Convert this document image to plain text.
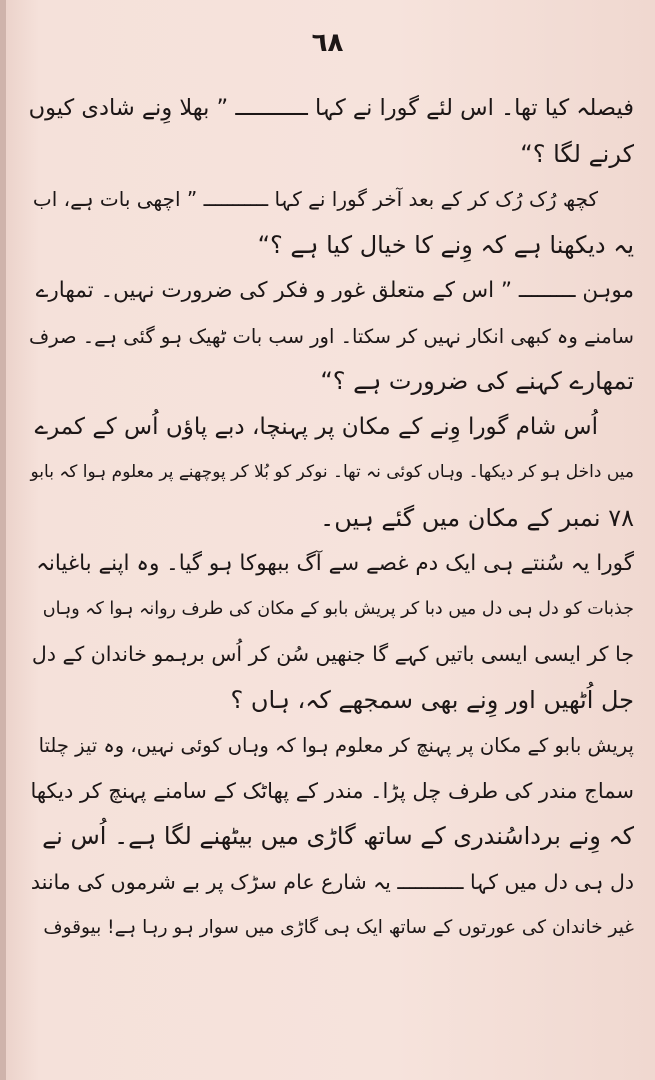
٦٨
فیصلہ کیا تھا۔ اس لئے گورا نے کہا ـــــــــــ ” بھلا وِنے شادی کیوں
کرنے لگا ؟“
کچھ رُک رُک کر کے بعد آخر گورا نے کہا ـــــــــــ ” اچھی بات ہے، اب
یہ دیکھنا ہے کہ وِنے کا خیال کیا ہے ؟“
موہن ـــــــــ ” اس کے متعلق غور و فکر کی ضرورت نہیں۔ تمھارے
سامنے وہ کبھی انکار نہیں کر سکتا۔ اور سب بات ٹھیک ہو گئی ہے۔ صرف
تمھارے کہنے کی ضرورت ہے ؟“
اُس شام گورا وِنے کے مکان پر پہنچا، دبے پاؤں اُس کے کمرے
میں داخل ہو کر دیکھا۔ وہاں کوئی نہ تھا۔ نوکر کو بُلا کر پوچھنے پر معلوم ہوا کہ بابو
٧٨ نمبر کے مکان میں گئے ہیں۔
گورا یہ سُنتے ہی ایک دم غصے سے آگ ببھوکا ہو گیا۔ وہ اپنے باغیانہ
جذبات کو دل ہی دل میں دبا کر پریش بابو کے مکان کی طرف روانہ ہوا کہ وہاں
جا کر ایسی ایسی باتیں کہے گا جنھیں سُن کر اُس برہمو خاندان کے دل
جل اُٹھیں اور وِنے بھی سمجھے کہ، ہاں ؟
پریش بابو کے مکان پر پہنچ کر معلوم ہوا کہ وہاں کوئی نہیں، وہ تیز چلتا
سماج مندر کی طرف چل پڑا۔ مندر کے پھاٹک کے سامنے پہنچ کر دیکھا
کہ وِنے برداسُندری کے ساتھ گاڑی میں بیٹھنے لگا ہے۔ اُس نے
دل ہی دل میں کہا ـــــــــــ یہ شارع عام سڑک پر بے شرموں کی مانند
غیر خاندان کی عورتوں کے ساتھ ایک ہی گاڑی میں سوار ہو رہا ہے! بیوقوف
